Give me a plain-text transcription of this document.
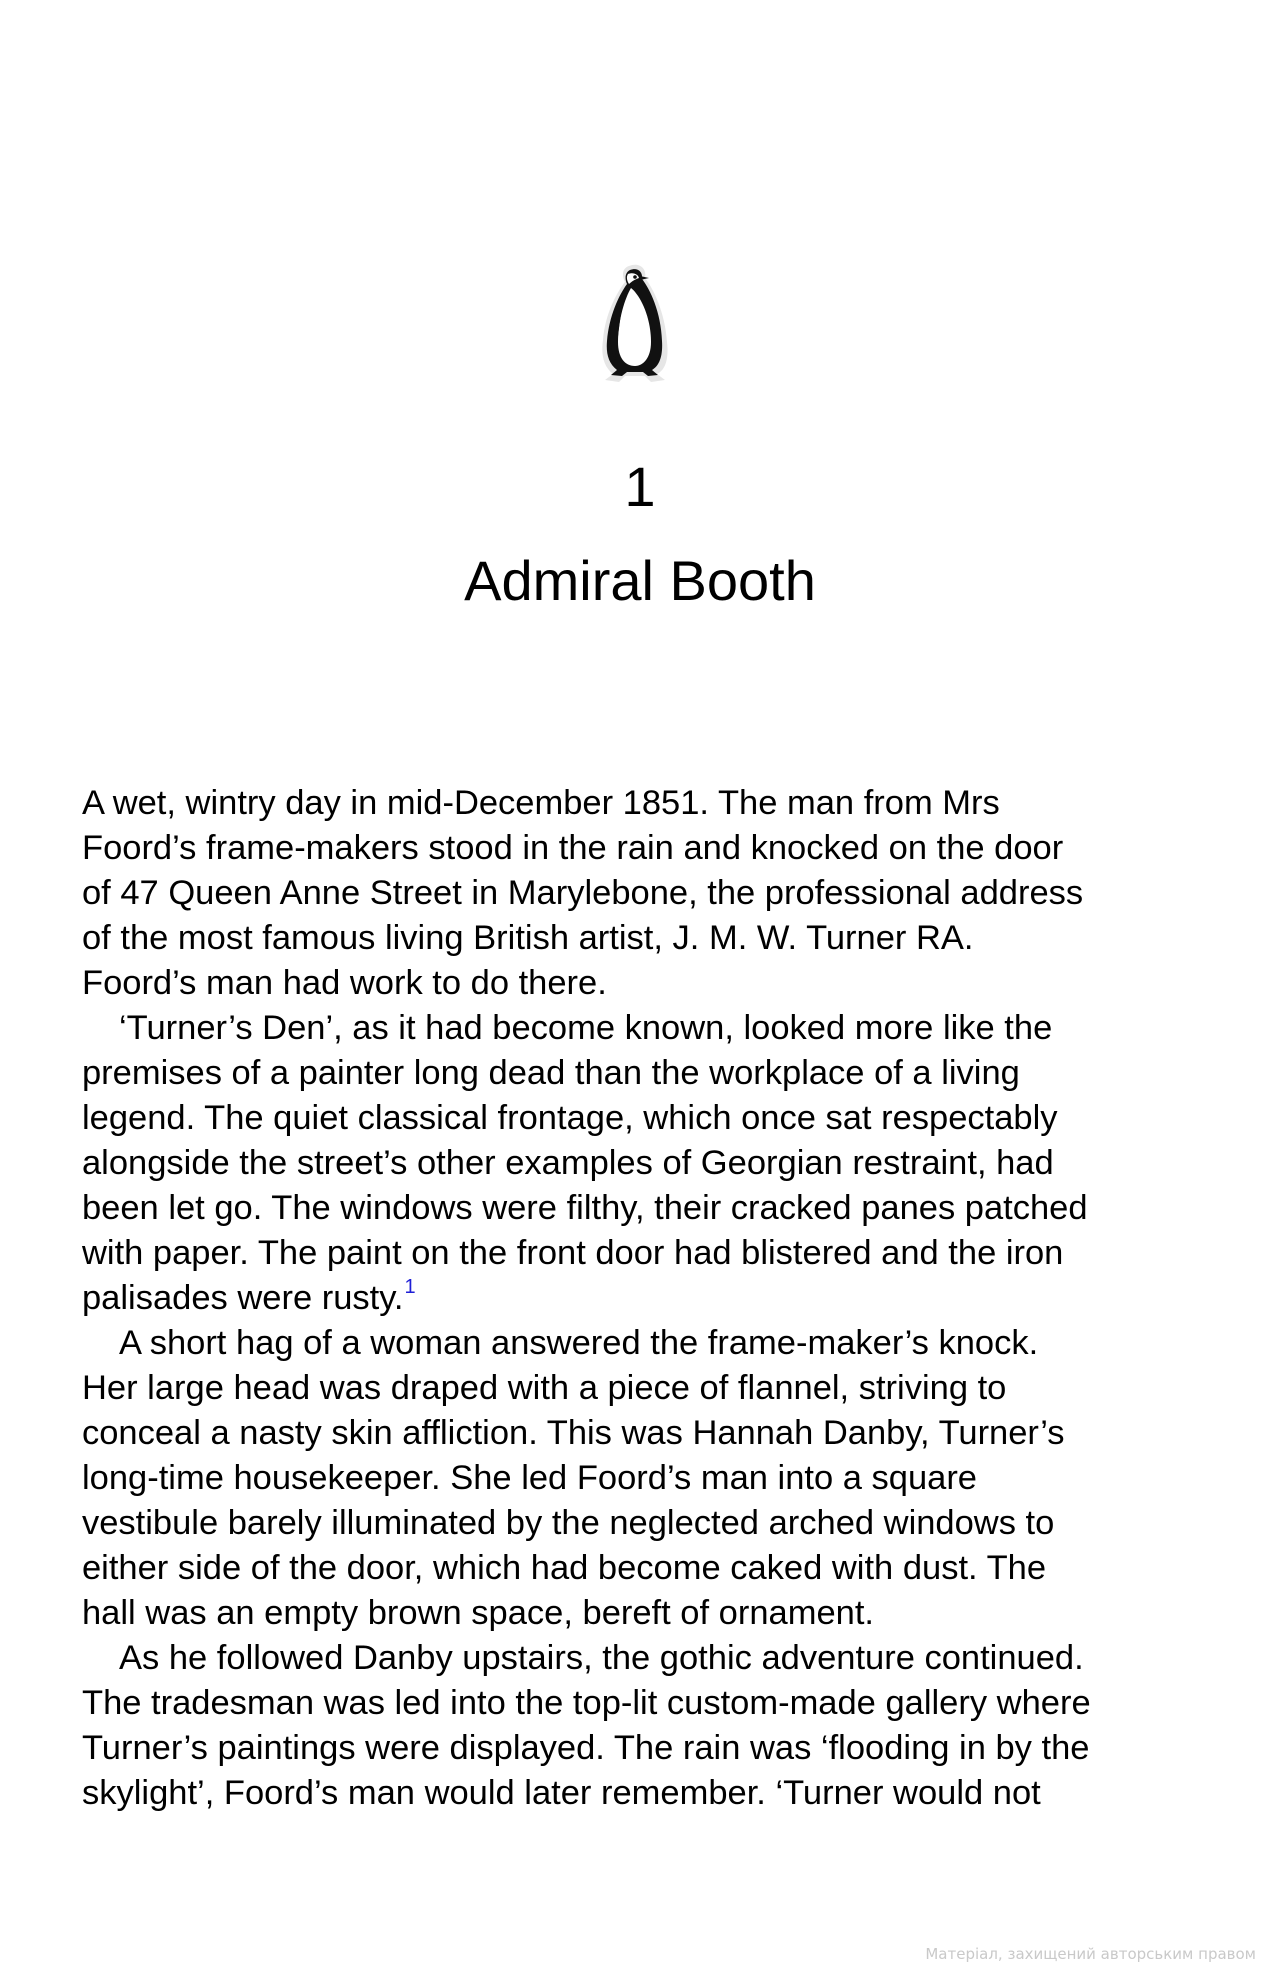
1
Admiral Booth

A wet, wintry day in mid-December 1851. The man from Mrs
Foord’s frame-makers stood in the rain and knocked on the door
of 47 Queen Anne Street in Marylebone, the professional address
of the most famous living British artist, J. M. W. Turner RA.
Foord’s man had work to do there.

‘Turner’s Den’, as it had become known, looked more like the
premises of a painter long dead than the workplace of a living
legend. The quiet classical frontage, which once sat respectably
alongside the street’s other examples of Georgian restraint, had
been let go. The windows were filthy, their cracked panes patched
with paper. The paint on the front door had blistered and the iron
palisades were rusty.$^1$

A short hag of a woman answered the frame-maker’s knock.
Her large head was draped with a piece of flannel, striving to
conceal a nasty skin affliction. This was Hannah Danby, Turner’s
long-time housekeeper. She led Foord’s man into a square
vestibule barely illuminated by the neglected arched windows to
either side of the door, which had become caked with dust. The
hall was an empty brown space, bereft of ornament.

As he followed Danby upstairs, the gothic adventure continued.
The tradesman was led into the top-lit custom-made gallery where
Turner’s paintings were displayed. The rain was ‘flooding in by the
skylight’, Foord’s man would later remember. ‘Turner would not

Матеріал, захищений авторським правом
